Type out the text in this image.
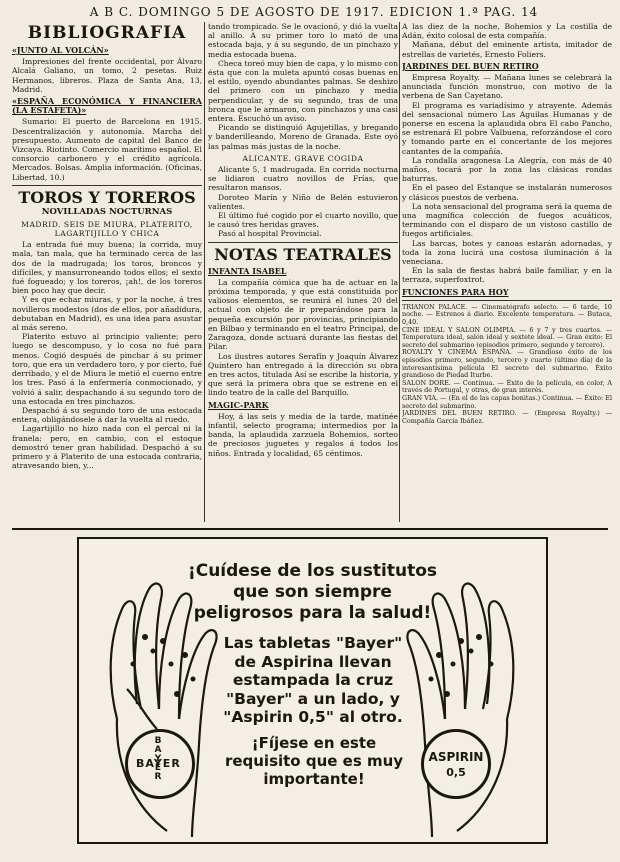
A B C. DOMINGO 5 DE AGOSTO DE 1917. EDICION 1.ª PAG. 14
BIBLIOGRAFIA
«JUNTO AL VOLCÁN»

Impresiones del frente occidental, por Álvaro Alcalá Galiano, un tomo, 2 pesetas. Ruiz Hermanos, libreros. Plaza de Santa Ana, 13, Madrid.

«ESPAÑA ECONÓMICA Y FINANCIERA (LA ESTAFETA)»

Sumario: El puerto de Barcelona en 1915. Descentralización y autonomía. Marcha del presupuesto. Aumento de capital del Banco de Vizcaya. Riotinto. Comercio marítimo español. El consorcio carbonero y el crédito agrícola. Mercados. Bolsas. Amplia información. (Oficinas, Libertad, 10.)

TOROS Y TOREROS
NOVILLADAS NOCTURNAS
MADRID. SEIS DE MIURA, PLATERITO, LAGARTIJILLO Y CHICA

La entrada fué muy buena; la corrida, muy mala, tan mala, que ha terminado cerca de las dos de la madrugada; los toros, broncos y difíciles, y mansurroneando todos ellos; el sexto fué fogueado; y los toreros, ¡ah!, de los toreros bien poco hay que decir.

Y es que echar miuras, y por la noche, á tres novilleros modestos (dos de ellos, por añadidura, debutaban en Madrid), es una idea para asustar al más sereno.

Platerito estuvo al principio valiente; pero luego se descompuso, y lo cosa no fué para menos. Cogió después de pinchar á su primer toro, que era un verdadero toro, y por cierto, fué derribado, y el de Miura le metió el cuerno entre los tres. Pasó á la enfermería conmocionado, y volvió á salir, despachando á su segundo toro de una estocada en tres pinchazos.

Despachó á su segundo toro de una estocada entera, obligándosele á dar la vuelta al ruedo.

Lagartijillo no hizo nada con el percal ni la franela; pero, en cambio, con el estoque demostró tener gran habilidad. Despachó á su primero y á Platerito de una estocada contraria, atravesando bien, y...

tando trompicado. Se le ovacionó, y dió la vuelta al anillo. A su primer toro lo mató de una estocada baja, y á su segundo, de un pinchazo y media estocada buena.

Checa toreó muy bien de capa, y lo mismo con ésta que con la muleta apuntó cosas buenas en el estilo, oyendo abundantes palmas. Se deshizo del primero con un pinchazo y media perpendicular, y de su segundo, tras de una bronca que le armaron, con pinchazos y una casi entera. Escuchó un aviso.

Picando se distinguió Agujetillas, y bregando y banderilleando, Moreno de Granada. Este oyó las palmas más justas de la noche.

ALICANTE. GRAVE COGIDA

Alicante 5, 1 madrugada. En corrida nocturna se lidiaron cuatro novillos de Frías, que resultaron mansos.

Doroteo Marín y Niño de Belén estuvieron valientes.

El último fué cogido por el cuarto novillo, que le causó tres heridas graves.

Pasó al hospital Provincial.

NOTAS TEATRALES
INFANTA ISABEL

La compañía cómica que ha de actuar en la próxima temporada, y que está constituída por valiosos elementos, se reunirá el lunes 20 del actual con objeto de ir preparándose para la pequeña excursión por provincias, principiando en Bilbao y terminando en el teatro Principal, de Zaragoza, donde actuará durante las fiestas del Pilar.

Los ilustres autores Serafín y Joaquín Álvarez Quintero han entregado á la dirección su obra en tres actos, titulada Así se escribe la historia, y que será la primera obra que se estrene en el lindo teatro de la calle del Barquillo.

MAGIC-PARK

Hoy, á las seis y media de la tarde, matinée infantil, selecto programa; intermedios por la banda, la aplaudida zarzuela Bohemios, sorteo de preciosos juguetes y regalos á todos los niños. Entrada y localidad, 65 céntimos.

A las diez de la noche, Bohemios y La costilla de Adán, éxito colosal de esta compañía.

Mañana, début del eminente artista, imitador de estrellas de varietés, Ernesto Foliers.

JARDINES DEL BUEN RETIRO

Empresa Royalty. — Mañana lunes se celebrará la anunciada función monstruo, con motivo de la verbena de San Cayetano.

El programa es variadísimo y atrayente. Además del sensacional número Las Aguilas Humanas y de ponerse en escena la aplaudida obra El cabo Pancho, se estrenará El pobre Valbuena, reforzándose el coro y tomando parte en el concertante de los mejores cantantes de la compañía.

La rondalla aragonesa La Alegría, con más de 40 maños, tocará por la zona las clásicas rondas baturras.

En el paseo del Estanque se instalarán numerosos y clásicos puestos de verbena.

La nota sensacional del programa será la quema de una magnífica colección de fuegos acuáticos, terminando con el disparo de un vistoso castillo de fuegos artificiales.

Las barcas, botes y canoas estarán adornadas, y toda la zona lucirá una costosa iluminación á la veneciana.

En la sala de fiestas habrá baile familiar, y en la terraza, superfoxtrot.

FUNCIONES PARA HOY

TRIANON PALACE. — Cinematógrafo selecto. — 6 tarde, 10 noche. — Estrenos á diario. Excelente temperatura. — Butaca, 0,40.

CINE IDEAL Y SALON OLIMPIA. — 6 y 7 y tres cuartos. — Temperatura ideal, salón ideal y sextete ideal. — Gran éxito: El secreto del submarino (episodios primero, segundo y tercero).

ROYALTY Y CINEMA ESPAÑA. — Grandioso éxito de los episodios primero, segundo, tercero y cuarto (último día) de la interesantísima película El secreto del submarino. Éxito grandioso de Piedad Iturbe.

SALON DORE. — Continua. — Éxito de la película, en color, A través de Portugal, y otras, de gran interés.

GRAN VIA. — (En el de las capas bonitas.) Continua. — Éxito: El secreto del submarino.

JARDINES DEL BUEN RETIRO. — (Empresa Royalty.) — Compañía García Ibáñez.

BAYER
BAYER	ASPIRIN
0,5
¡Cuídese de los sustitutos que son siempre peligrosos para la salud!
Las tabletas "Bayer" de Aspirina llevan estampada la cruz "Bayer" a un lado, y "Aspirin 0,5" al otro.
¡Fíjese en este requisito que es muy importante!
